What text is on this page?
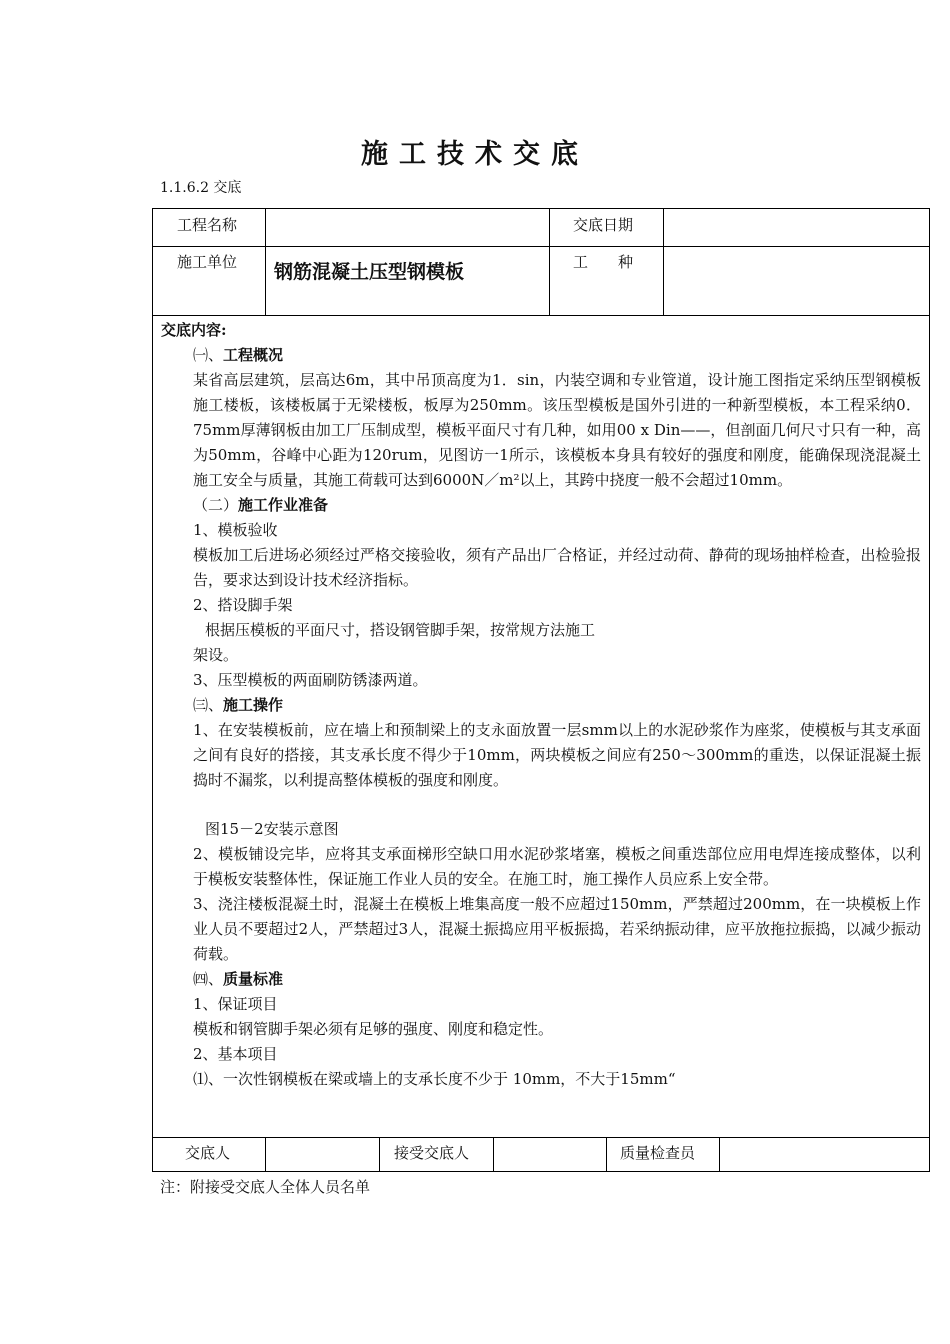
施工技术交底
1.1.6.2 交底
工程名称	交底日期
施工单位 钢筋混凝土压型钢模板	工　　种

交底内容:

㈠、工程概况

某省高层建筑，层高达6m，其中吊顶高度为1．sin，内装空调和专业管道，设计施工图指定采纳压型钢模板施工楼板，该楼板属于无梁楼板，板厚为250mm。该压型模板是国外引进的一种新型模板，本工程采纳0．75mm厚薄钢板由加工厂压制成型，模板平面尺寸有几种，如用00 x Din——，但剖面几何尺寸只有一种，高为50mm，谷峰中心距为120rum，见图访一1所示，该模板本身具有较好的强度和刚度，能确保现浇混凝土施工安全与质量，其施工荷载可达到6000N／m²以上，其跨中挠度一般不会超过10mm。

（二）施工作业准备

1、模板验收

模板加工后进场必须经过严格交接验收，须有产品出厂合格证，并经过动荷、静荷的现场抽样检查，出检验报告，要求达到设计技术经济指标。

2、搭设脚手架

根据压模板的平面尺寸，搭设钢管脚手架，按常规方法施工

架设。

3、压型模板的两面刷防锈漆两道。

㈢、施工操作

1、在安装模板前，应在墙上和预制梁上的支永面放置一层smm以上的水泥砂浆作为座浆，使模板与其支承面之间有良好的搭接，其支承长度不得少于10mm，两块模板之间应有250～300mm的重迭，以保证混凝土振捣时不漏浆，以利提高整体模板的强度和刚度。

图15－2安装示意图

2、模板铺设完毕，应将其支承面梯形空缺口用水泥砂浆堵塞，模板之间重迭部位应用电焊连接成整体，以利于模板安装整体性，保证施工作业人员的安全。在施工时，施工操作人员应系上安全带。

3、浇注楼板混凝土时，混凝土在模板上堆集高度一般不应超过150mm，严禁超过200mm，在一块模板上作业人员不要超过2人，严禁超过3人，混凝土振捣应用平板振捣，若采纳振动律，应平放拖拉振捣，以减少振动荷载。

㈣、质量标准

1、保证项目

模板和钢管脚手架必须有足够的强度、刚度和稳定性。

2、基本项目

⑴、一次性钢模板在梁或墙上的支承长度不少于 10mm，不大于15mm“

交底人	接受交底人	质量检查员
注：附接受交底人全体人员名单
